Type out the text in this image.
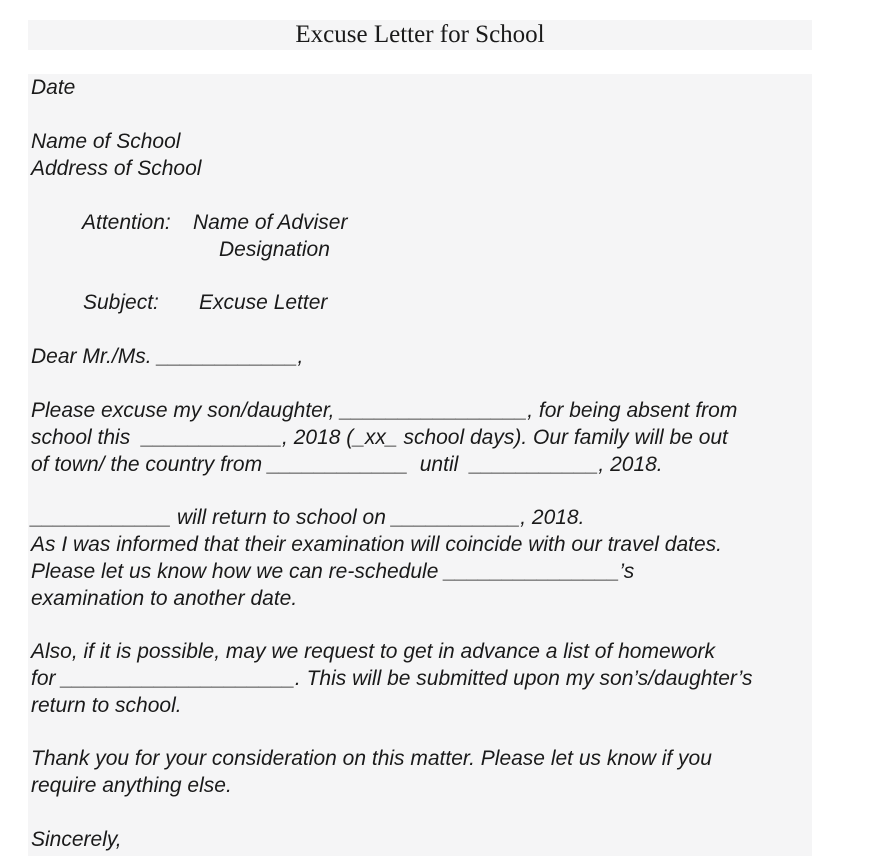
Excuse Letter for School
Date
Name of School
Address of School
Attention: Name of Adviser
Designation
Subject: Excuse Letter
Dear Mr./Ms. ____________,
Please excuse my son/daughter, ________________, for being absent from
school this  ____________, 2018 (_xx_ school days). Our family will be out
of town/ the country from ____________  until  ___________, 2018.
____________ will return to school on ___________, 2018.
As I was informed that their examination will coincide with our travel dates.
Please let us know how we can re-schedule _______________’s
examination to another date.
Also, if it is possible, may we request to get in advance a list of homework
for ____________________. This will be submitted upon my son’s/daughter’s
return to school.
Thank you for your consideration on this matter. Please let us know if you
require anything else.
Sincerely,
